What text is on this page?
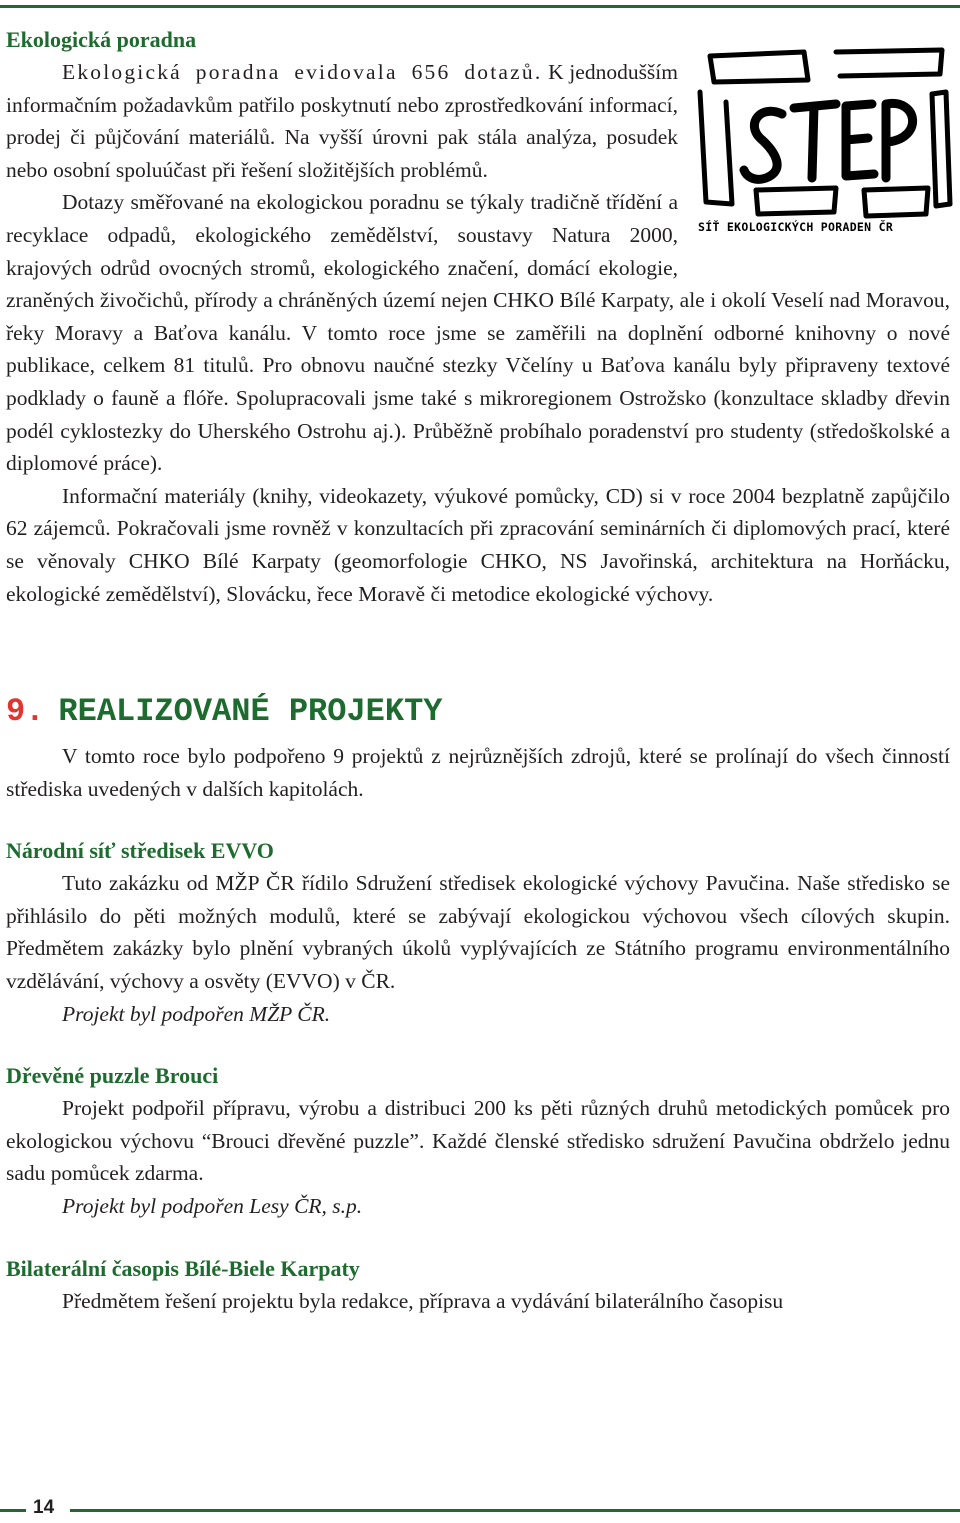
SÍŤ EKOLOGICKÝCH PORADEN ČR
Ekologická poradna

Ekologická poradna evidovala 656 dotazů. K jednodušším informačním požadavkům patřilo poskytnutí nebo zprostředkování informací, prodej či půjčování materiálů. Na vyšší úrovni pak stála analýza, posudek nebo osobní spoluúčast při řešení složitějších problémů.

Dotazy směřované na ekologickou poradnu se týkaly tradičně třídění a recyklace odpadů, ekologického zemědělství, soustavy Natura 2000, krajových odrůd ovocných stromů, ekologického značení, domácí ekologie, zraněných živočichů, přírody a chráněných území nejen CHKO Bílé Karpaty, ale i okolí Veselí nad Moravou, řeky Moravy a Baťova kanálu. V tomto roce jsme se zaměřili na doplnění odborné knihovny o nové publikace, celkem 81 titulů. Pro obnovu naučné stezky Včelíny u Baťova kanálu byly připraveny textové podklady o fauně a flóře. Spolupracovali jsme také s mikroregionem Ostrožsko (konzultace skladby dřevin podél cyklostezky do Uherského Ostrohu aj.). Průběžně probíhalo poradenství pro studenty (středoškolské a diplomové práce).

Informační materiály (knihy, videokazety, výukové pomůcky, CD) si v roce 2004 bezplatně zapůjčilo 62 zájemců. Pokračovali jsme rovněž v konzultacích při zpracování seminárních či diplomových prací, které se věnovaly CHKO Bílé Karpaty (geomorfologie CHKO, NS Javořinská, architektura na Horňácku, ekologické zemědělství), Slovácku, řece Moravě či metodice ekologické výchovy.

9. REALIZOVANÉ PROJEKTY

V tomto roce bylo podpořeno 9 projektů z nejrůznějších zdrojů, které se prolínají do všech činností střediska uvedených v dalších kapitolách.

Národní síť středisek EVVO

Tuto zakázku od MŽP ČR řídilo Sdružení středisek ekologické výchovy Pavučina. Naše středisko se přihlásilo do pěti možných modulů, které se zabývají ekologickou výchovou všech cílových skupin. Předmětem zakázky bylo plnění vybraných úkolů vyplývajících ze Státního programu environmentálního vzdělávání, výchovy a osvěty (EVVO) v ČR.

Projekt byl podpořen MŽP ČR.

Dřevěné puzzle Brouci

Projekt podpořil přípravu, výrobu a distribuci 200 ks pěti různých druhů metodických pomůcek pro ekologickou výchovu “Brouci dřevěné puzzle”. Každé členské středisko sdružení Pavučina obdrželo jednu sadu pomůcek zdarma.

Projekt byl podpořen Lesy ČR, s.p.

Bilaterální časopis Bílé-Biele Karpaty

Předmětem řešení projektu byla redakce, příprava a vydávání bilaterálního časopisu

14
